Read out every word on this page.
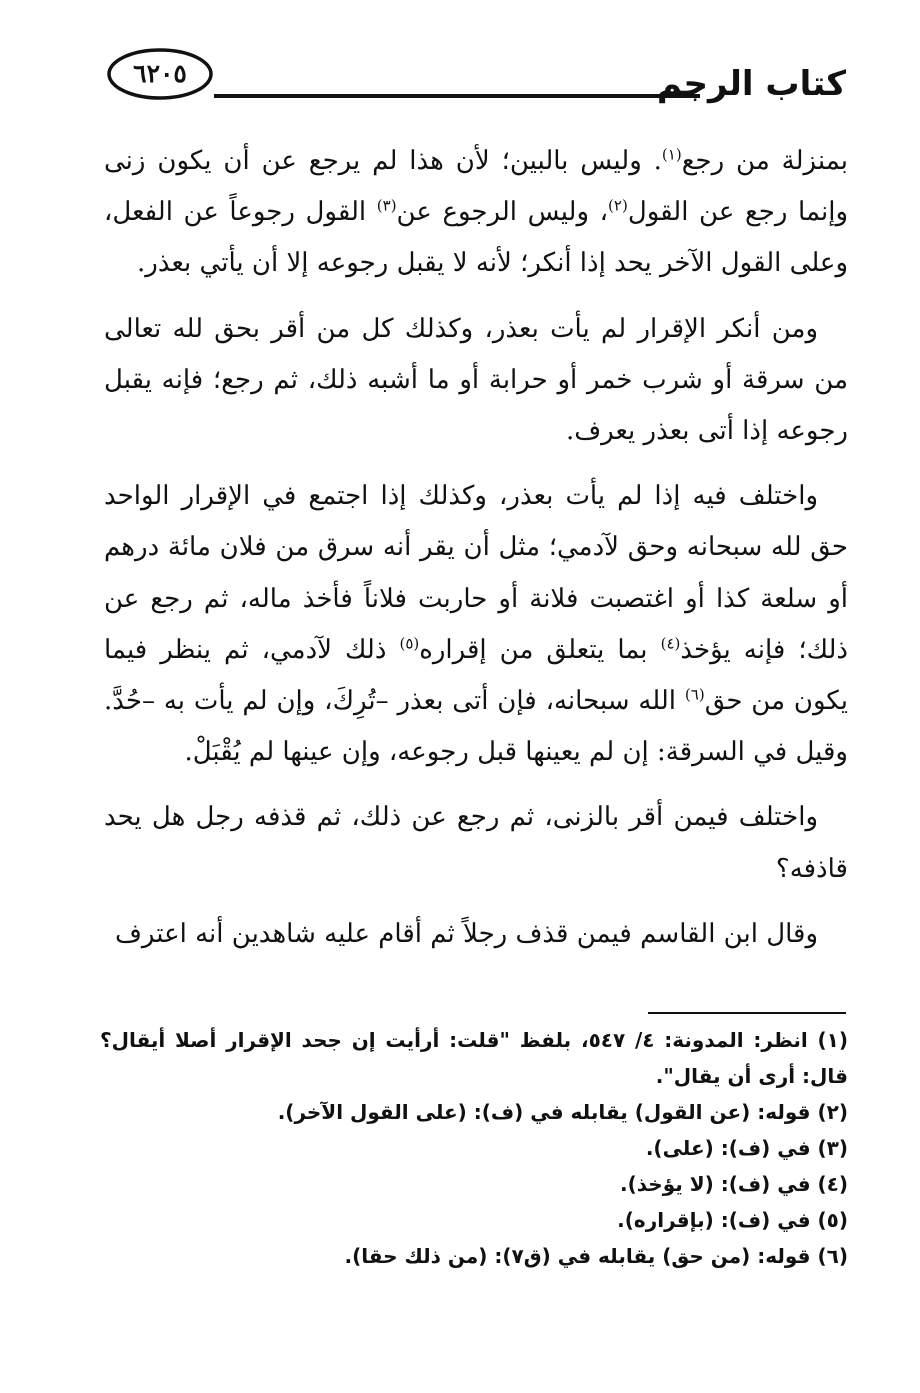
٦٢٠٥	كتاب الرجم

بمنزلة من رجع$^{(١)}$. وليس بالبين؛ لأن هذا لم يرجع عن أن يكون زنى وإنما رجع عن القول$^{(٢)}$، وليس الرجوع عن$^{(٣)}$ القول رجوعاً عن الفعل، وعلى القول الآخر يحد إذا أنكر؛ لأنه لا يقبل رجوعه إلا أن يأتي بعذر.

ومن أنكر الإقرار لم يأت بعذر، وكذلك كل من أقر بحق لله تعالى من سرقة أو شرب خمر أو حرابة أو ما أشبه ذلك، ثم رجع؛ فإنه يقبل رجوعه إذا أتى بعذر يعرف.

واختلف فيه إذا لم يأت بعذر، وكذلك إذا اجتمع في الإقرار الواحد حق لله سبحانه وحق لآدمي؛ مثل أن يقر أنه سرق من فلان مائة درهم أو سلعة كذا أو اغتصبت فلانة أو حاربت فلاناً فأخذ ماله، ثم رجع عن ذلك؛ فإنه يؤخذ$^{(٤)}$ بما يتعلق من إقراره$^{(٥)}$ ذلك لآدمي، ثم ينظر فيما يكون من حق$^{(٦)}$ الله سبحانه، فإن أتى بعذر –تُرِكَ، وإن لم يأت به –حُدَّ. وقيل في السرقة: إن لم يعينها قبل رجوعه، وإن عينها لم يُقْبَلْ.

واختلف فيمن أقر بالزنى، ثم رجع عن ذلك، ثم قذفه رجل هل يحد قاذفه؟

وقال ابن القاسم فيمن قذف رجلاً ثم أقام عليه شاهدين أنه اعترف

(١) انظر: المدونة: ٤/ ٥٤٧، بلفظ "قلت: أرأيت إن جحد الإقرار أصلا أيقال؟ قال: أرى أن يقال".

(٢) قوله: (عن القول) يقابله في (ف): (على القول الآخر).

(٣) في (ف): (على).

(٤) في (ف): (لا يؤخذ).

(٥) في (ف): (بإقراره).

(٦) قوله: (من حق) يقابله في (ق٧): (من ذلك حقا).
